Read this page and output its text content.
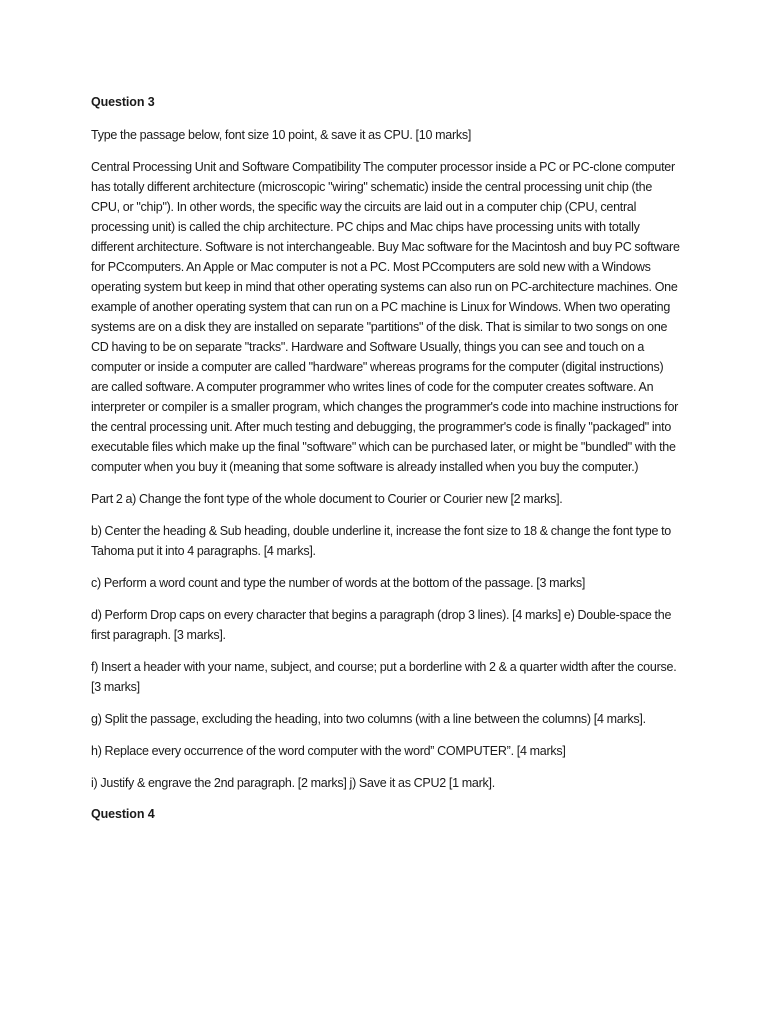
Question 3

Type the passage below, font size 10 point, & save it as CPU. [10 marks]

Central Processing Unit and Software Compatibility The computer processor inside a PC or PC-clone computer has totally different architecture (microscopic "wiring" schematic) inside the central processing unit chip (the CPU, or "chip"). In other words, the specific way the circuits are laid out in a computer chip (CPU, central processing unit) is called the chip architecture. PC chips and Mac chips have processing units with totally different architecture. Software is not interchangeable. Buy Mac software for the Macintosh and buy PC software for PCcomputers. An Apple or Mac computer is not a PC. Most PCcomputers are sold new with a Windows operating system but keep in mind that other operating systems can also run on PC-architecture machines. One example of another operating system that can run on a PC machine is Linux for Windows. When two operating systems are on a disk they are installed on separate "partitions" of the disk. That is similar to two songs on one CD having to be on separate "tracks". Hardware and Software Usually, things you can see and touch on a computer or inside a computer are called "hardware" whereas programs for the computer (digital instructions) are called software. A computer programmer who writes lines of code for the computer creates software. An interpreter or compiler is a smaller program, which changes the programmer's code into machine instructions for the central processing unit. After much testing and debugging, the programmer's code is finally "packaged" into executable files which make up the final "software" which can be purchased later, or might be "bundled" with the computer when you buy it (meaning that some software is already installed when you buy the computer.)

Part 2 a) Change the font type of the whole document to Courier or Courier new [2 marks].

b) Center the heading & Sub heading, double underline it, increase the font size to 18 & change the font type to Tahoma put it into 4 paragraphs. [4 marks].

c) Perform a word count and type the number of words at the bottom of the passage. [3 marks]

d) Perform Drop caps on every character that begins a paragraph (drop 3 lines). [4 marks] e) Double-space the first paragraph. [3 marks].

f) Insert a header with your name, subject, and course; put a borderline with 2 & a quarter width after the course. [3 marks]

g) Split the passage, excluding the heading, into two columns (with a line between the columns) [4 marks].

h) Replace every occurrence of the word computer with the word” COMPUTER”. [4 marks]

i) Justify & engrave the 2nd paragraph. [2 marks] j) Save it as CPU2 [1 mark].

Question 4
